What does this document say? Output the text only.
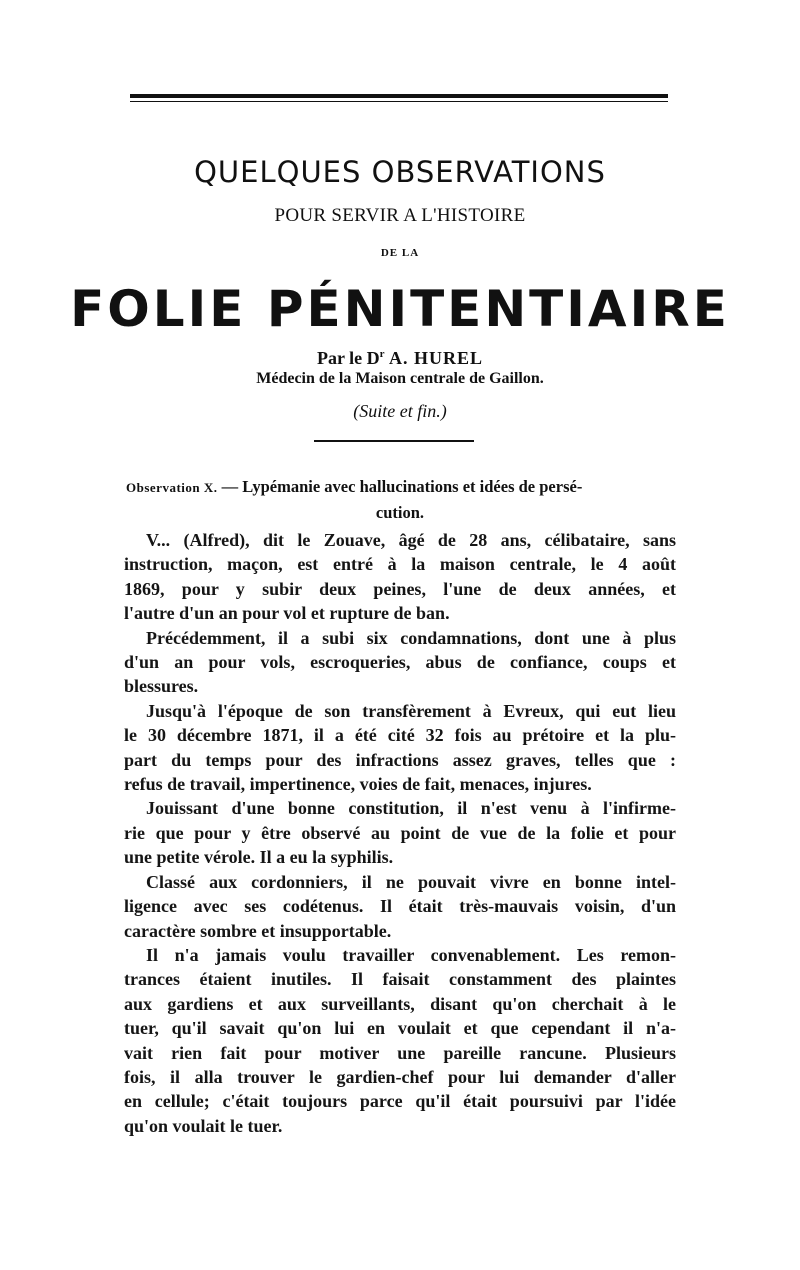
QUELQUES OBSERVATIONS
POUR SERVIR A L'HISTOIRE
DE LA
FOLIE PÉNITENTIAIRE
Par le $D^r$ A. HUREL
Médecin de la Maison centrale de Gaillon.
(Suite et fin.)
Observation X. — Lypémanie avec hallucinations et idées de persé-
cution.
V... (Alfred), dit le Zouave, âgé de 28 ans, célibataire, sans
instruction, maçon, est entré à la maison centrale, le 4 août
1869, pour y subir deux peines, l'une de deux années, et
l'autre d'un an pour vol et rupture de ban.
Précédemment, il a subi six condamnations, dont une à plus
d'un an pour vols, escroqueries, abus de confiance, coups et
blessures.
Jusqu'à l'époque de son transfèrement à Evreux, qui eut lieu
le 30 décembre 1871, il a été cité 32 fois au prétoire et la plu-
part du temps pour des infractions assez graves, telles que :
refus de travail, impertinence, voies de fait, menaces, injures.
Jouissant d'une bonne constitution, il n'est venu à l'infirme-
rie que pour y être observé au point de vue de la folie et pour
une petite vérole. Il a eu la syphilis.
Classé aux cordonniers, il ne pouvait vivre en bonne intel-
ligence avec ses codétenus. Il était très-mauvais voisin, d'un
caractère sombre et insupportable.
Il n'a jamais voulu travailler convenablement. Les remon-
trances étaient inutiles. Il faisait constamment des plaintes
aux gardiens et aux surveillants, disant qu'on cherchait à le
tuer, qu'il savait qu'on lui en voulait et que cependant il n'a-
vait rien fait pour motiver une pareille rancune. Plusieurs
fois, il alla trouver le gardien-chef pour lui demander d'aller
en cellule; c'était toujours parce qu'il était poursuivi par l'idée
qu'on voulait le tuer.
